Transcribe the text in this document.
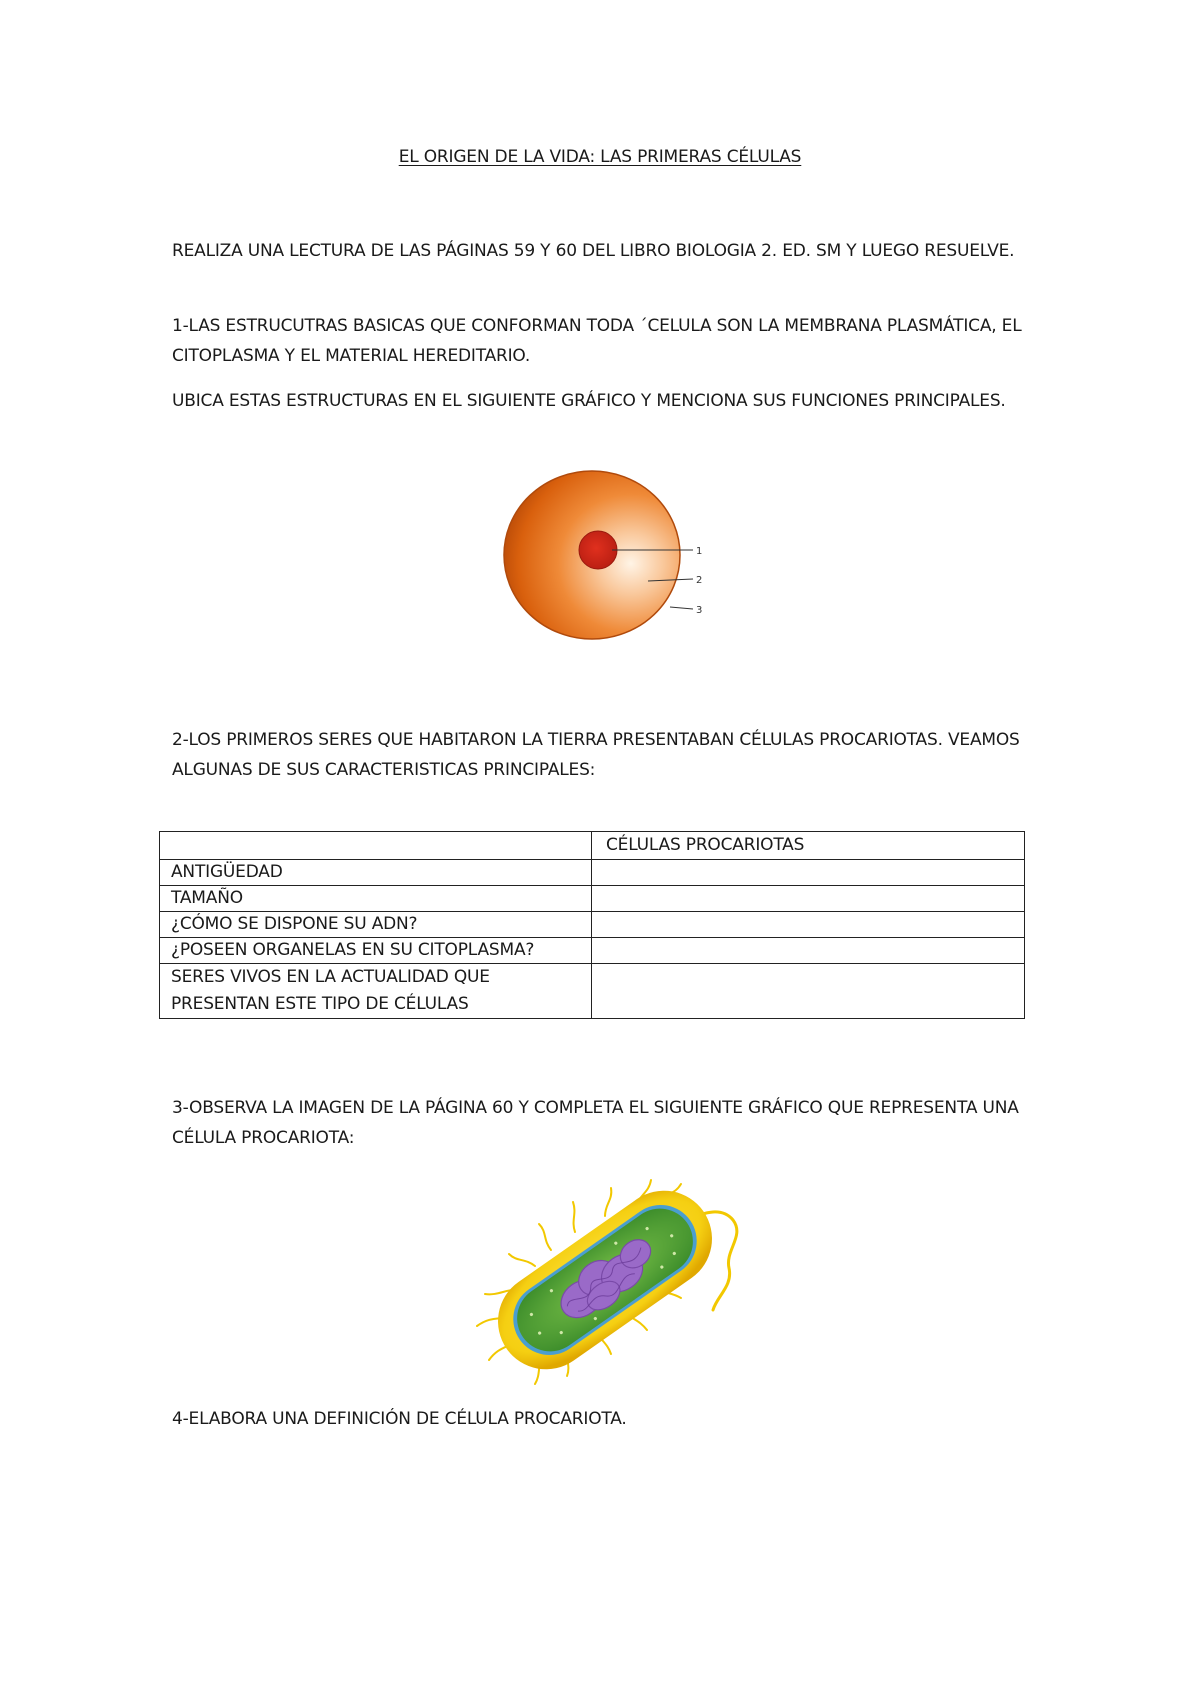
EL ORIGEN DE LA VIDA: LAS PRIMERAS CÉLULAS

REALIZA UNA LECTURA DE LAS PÁGINAS 59 Y 60 DEL LIBRO BIOLOGIA 2. ED. SM Y LUEGO RESUELVE.

1-LAS ESTRUCUTRAS BASICAS QUE CONFORMAN TODA ´CELULA SON LA MEMBRANA PLASMÁTICA, EL CITOPLASMA Y EL MATERIAL HEREDITARIO.

UBICA ESTAS ESTRUCTURAS EN EL SIGUIENTE GRÁFICO Y MENCIONA SUS FUNCIONES PRINCIPALES.

1
2
3

2-LOS PRIMEROS SERES QUE HABITARON LA TIERRA PRESENTABAN CÉLULAS PROCARIOTAS. VEAMOS ALGUNAS DE SUS CARACTERISTICAS PRINCIPALES:

	CÉLULAS PROCARIOTAS
ANTIGÜEDAD	
TAMAÑO	
¿CÓMO SE DISPONE SU ADN?	
¿POSEEN ORGANELAS EN SU CITOPLASMA?	

SERES VIVOS EN LA ACTUALIDAD QUE
PRESENTAN ESTE TIPO DE CÉLULAS	

3-OBSERVA LA IMAGEN DE LA PÁGINA 60 Y COMPLETA EL SIGUIENTE GRÁFICO QUE REPRESENTA UNA CÉLULA PROCARIOTA:

4-ELABORA UNA DEFINICIÓN DE CÉLULA PROCARIOTA.
